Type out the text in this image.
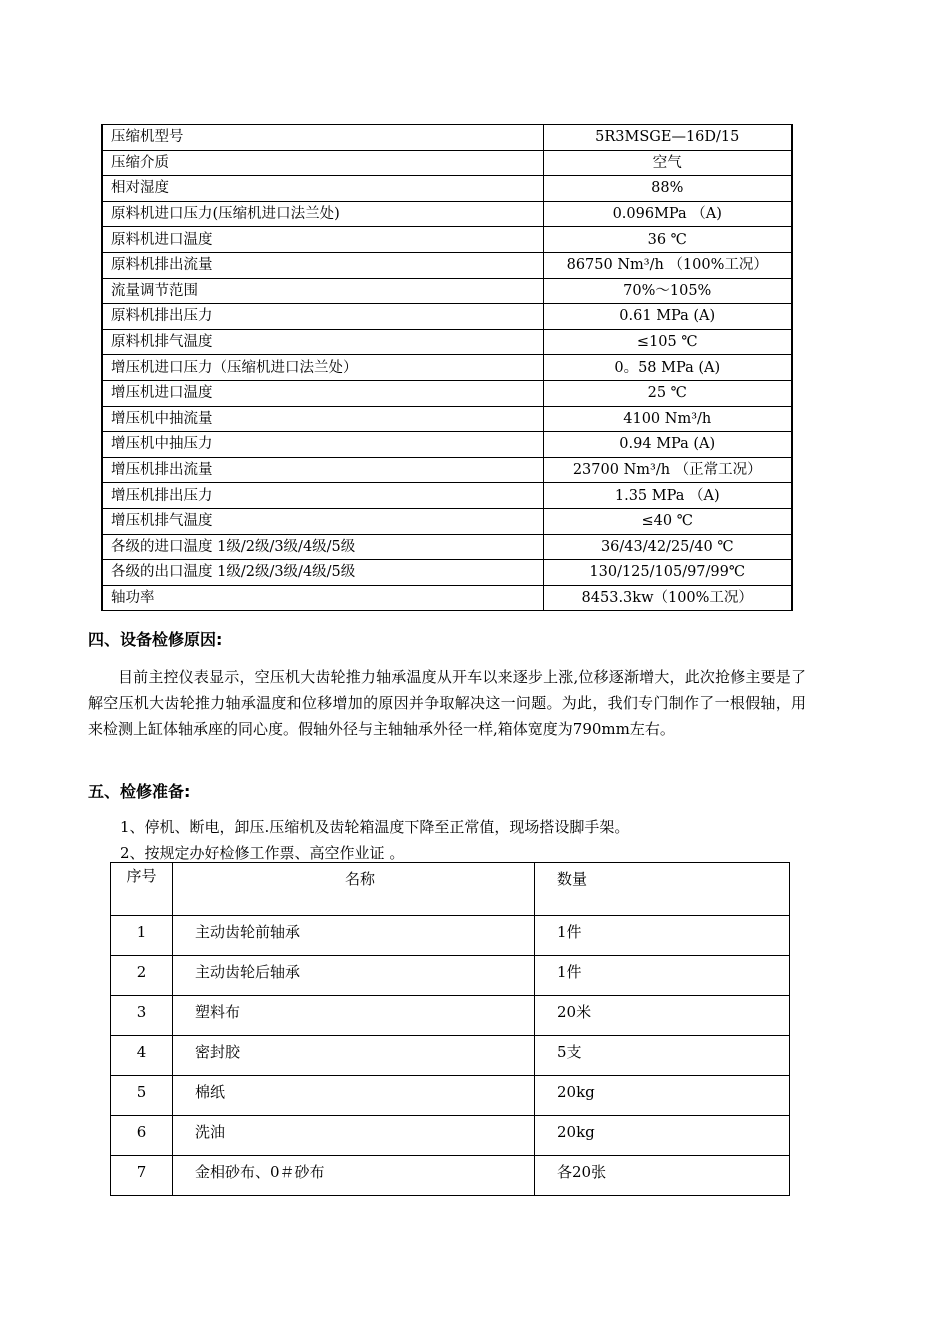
压缩机型号	5R3MSGE—16D/15
压缩介质	空气
相对湿度	88%
原料机进口压力(压缩机进口法兰处)	0.096MPa （A)
原料机进口温度	36 ℃
原料机排出流量	86750 Nm³/h （100%工况）
流量调节范围	70%～105%
原料机排出压力	0.61 MPa (A)
原料机排气温度	≤105 ℃
增压机进口压力（压缩机进口法兰处）	0。58 MPa (A)
增压机进口温度	25 ℃
增压机中抽流量	4100 Nm³/h
增压机中抽压力	0.94 MPa (A)
增压机排出流量	23700 Nm³/h （正常工况）
增压机排出压力	1.35 MPa （A)
增压机排气温度	≤40 ℃
各级的进口温度 1级/2级/3级/4级/5级	36/43/42/25/40 ℃
各级的出口温度 1级/2级/3级/4级/5级	130/125/105/97/99℃
轴功率	8453.3kw（100%工况）
四、设备检修原因:

目前主控仪表显示，空压机大齿轮推力轴承温度从开车以来逐步上涨,位移逐渐增大，此次抢修主要是了解空压机大齿轮推力轴承温度和位移增加的原因并争取解决这一问题。为此，我们专门制作了一根假轴，用来检测上缸体轴承座的同心度。假轴外径与主轴轴承外径一样,箱体宽度为790mm左右。

五、检修准备:
1、停机、断电，卸压.压缩机及齿轮箱温度下降至正常值，现场搭设脚手架。
2、按规定办好检修工作票、高空作业证 。
序号	名称	数量
1	主动齿轮前轴承	1件
2	主动齿轮后轴承	1件
3	塑料布	20米
4	密封胶	5支
5	棉纸	20kg
6	洗油	20kg
7	金相砂布、0＃砂布	各20张
